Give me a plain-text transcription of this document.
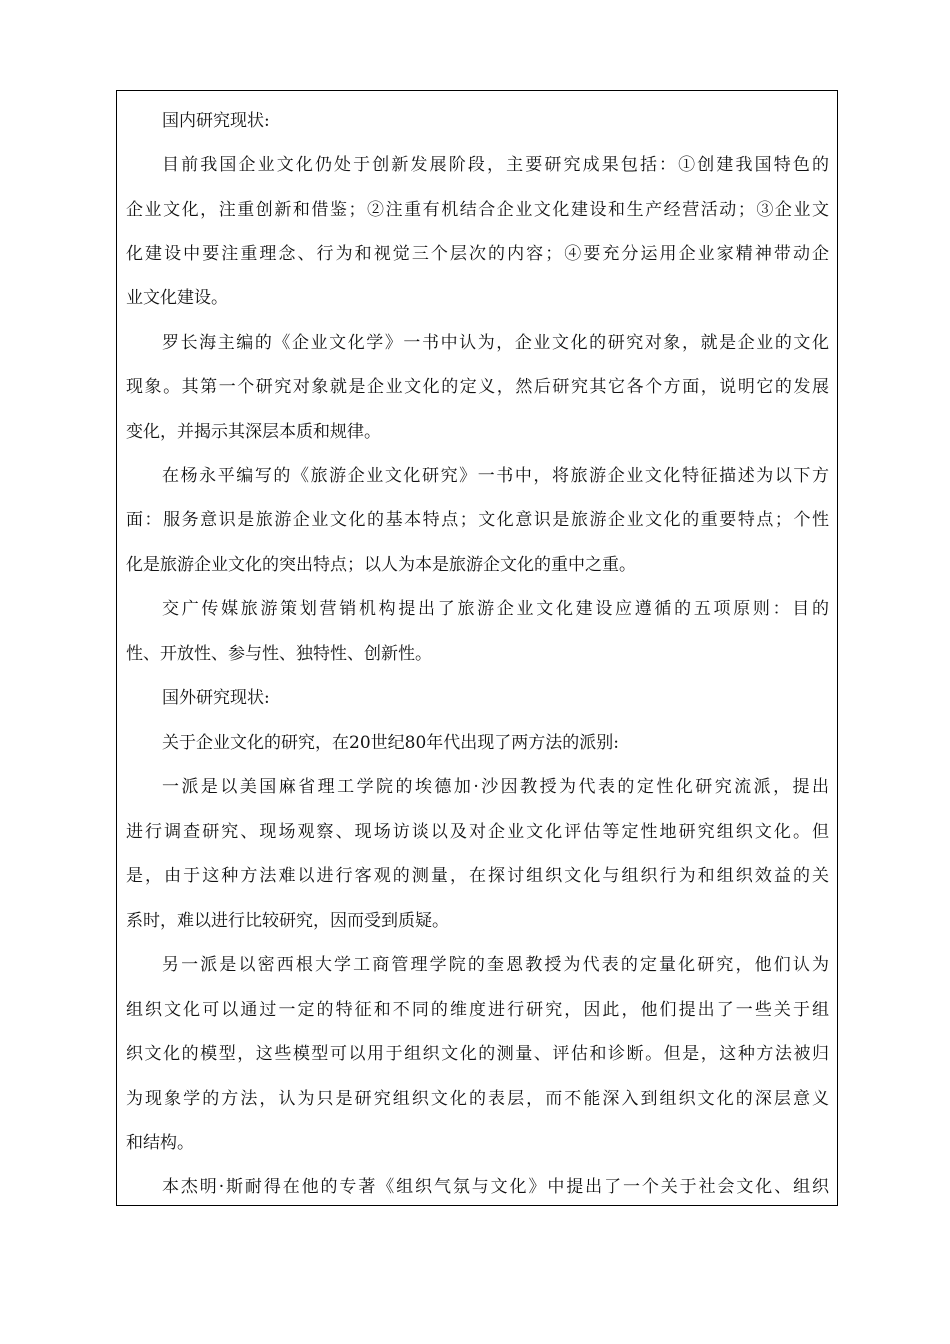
国内研究现状:
目前我国企业文化仍处于创新发展阶段，主要研究成果包括：①创建我国特色的
企业文化，注重创新和借鉴；②注重有机结合企业文化建设和生产经营活动；③企业文
化建设中要注重理念、行为和视觉三个层次的内容；④要充分运用企业家精神带动企
业文化建设。
罗长海主编的《企业文化学》一书中认为，企业文化的研究对象，就是企业的文化
现象。其第一个研究对象就是企业文化的定义，然后研究其它各个方面，说明它的发展
变化，并揭示其深层本质和规律。
在杨永平编写的《旅游企业文化研究》一书中，将旅游企业文化特征描述为以下方
面：服务意识是旅游企业文化的基本特点；文化意识是旅游企业文化的重要特点；个性
化是旅游企业文化的突出特点；以人为本是旅游企文化的重中之重。
交广传媒旅游策划营销机构提出了旅游企业文化建设应遵循的五项原则：目的
性、开放性、参与性、独特性、创新性。
国外研究现状:
关于企业文化的研究，在20世纪80年代出现了两方法的派别:
一派是以美国麻省理工学院的埃德加·沙因教授为代表的定性化研究流派，提出
进行调查研究、现场观察、现场访谈以及对企业文化评估等定性地研究组织文化。但
是，由于这种方法难以进行客观的测量，在探讨组织文化与组织行为和组织效益的关
系时，难以进行比较研究，因而受到质疑。
另一派是以密西根大学工商管理学院的奎恩教授为代表的定量化研究，他们认为
组织文化可以通过一定的特征和不同的维度进行研究，因此，他们提出了一些关于组
织文化的模型，这些模型可以用于组织文化的测量、评估和诊断。但是，这种方法被归
为现象学的方法，认为只是研究组织文化的表层，而不能深入到组织文化的深层意义
和结构。
本杰明·斯耐得在他的专著《组织气氛与文化》中提出了一个关于社会文化、组织
